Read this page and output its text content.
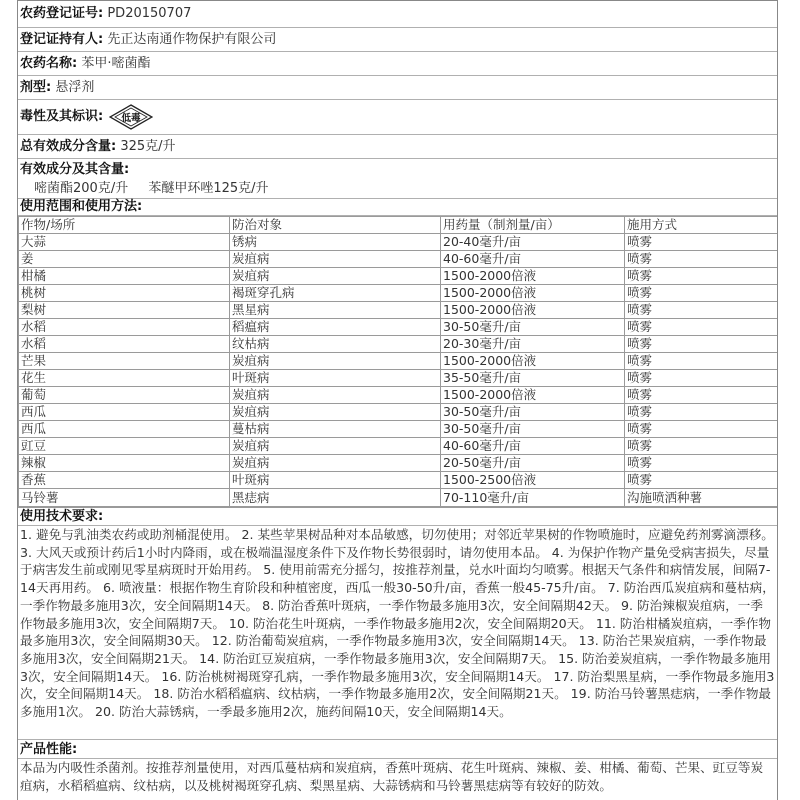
农药登记证号: PD20150707
登记证持有人: 先正达南通作物保护有限公司
农药名称: 苯甲·嘧菌酯
剂型: 悬浮剂
毒性及其标识: 低毒
总有效成分含量: 325克/升
有效成分及其含量:
嘧菌酯200克/升 苯醚甲环唑125克/升
使用范围和使用方法:
作物/场所	防治对象	用药量（制剂量/亩）	施用方式
大蒜	锈病	20-40毫升/亩	喷雾
姜	炭疽病	40-60毫升/亩	喷雾
柑橘	炭疽病	1500-2000倍液	喷雾
桃树	褐斑穿孔病	1500-2000倍液	喷雾
梨树	黑星病	1500-2000倍液	喷雾
水稻	稻瘟病	30-50毫升/亩	喷雾
水稻	纹枯病	20-30毫升/亩	喷雾
芒果	炭疽病	1500-2000倍液	喷雾
花生	叶斑病	35-50毫升/亩	喷雾
葡萄	炭疽病	1500-2000倍液	喷雾
西瓜	炭疽病	30-50毫升/亩	喷雾
西瓜	蔓枯病	30-50毫升/亩	喷雾
豇豆	炭疽病	40-60毫升/亩	喷雾
辣椒	炭疽病	20-50毫升/亩	喷雾
香蕉	叶斑病	1500-2500倍液	喷雾
马铃薯	黑痣病	70-110毫升/亩	沟施喷洒种薯
使用技术要求:
1. 避免与乳油类农药或助剂桶混使用。 2. 某些苹果树品种对本品敏感，切勿使用；对邻近苹果树的作物喷施时，应避免药剂雾滴漂移。 3. 大风天或预计药后1小时内降雨，或在极端温湿度条件下及作物长势很弱时，请勿使用本品。 4. 为保护作物产量免受病害损失，尽量于病害发生前或刚见零星病斑时开始用药。 5. 使用前需充分摇匀，按推荐剂量，兑水叶面均匀喷雾。根据天气条件和病情发展，间隔7-14天再用药。 6. 喷液量：根据作物生育阶段和种植密度，西瓜一般30-50升/亩，香蕉一般45-75升/亩。 7. 防治西瓜炭疽病和蔓枯病，一季作物最多施用3次，安全间隔期14天。 8. 防治香蕉叶斑病，一季作物最多施用3次，安全间隔期42天。 9. 防治辣椒炭疽病，一季作物最多施用3次，安全间隔期7天。 10. 防治花生叶斑病，一季作物最多施用2次，安全间隔期20天。 11. 防治柑橘炭疽病，一季作物最多施用3次，安全间隔期30天。 12. 防治葡萄炭疽病，一季作物最多施用3次，安全间隔期14天。 13. 防治芒果炭疽病，一季作物最多施用3次，安全间隔期21天。 14. 防治豇豆炭疽病，一季作物最多施用3次，安全间隔期7天。 15. 防治姜炭疽病，一季作物最多施用3次，安全间隔期14天。 16. 防治桃树褐斑穿孔病，一季作物最多施用3次，安全间隔期14天。 17. 防治梨黑星病，一季作物最多施用3次，安全间隔期14天。 18. 防治水稻稻瘟病、纹枯病，一季作物最多施用2次，安全间隔期21天。 19. 防治马铃薯黑痣病，一季作物最多施用1次。 20. 防治大蒜锈病，一季最多施用2次，施药间隔10天，安全间隔期14天。
产品性能:
本品为内吸性杀菌剂。按推荐剂量使用，对西瓜蔓枯病和炭疽病，香蕉叶斑病、花生叶斑病、辣椒、姜、柑橘、葡萄、芒果、豇豆等炭疽病，水稻稻瘟病、纹枯病，以及桃树褐斑穿孔病、梨黑星病、大蒜锈病和马铃薯黑痣病等有较好的防效。
